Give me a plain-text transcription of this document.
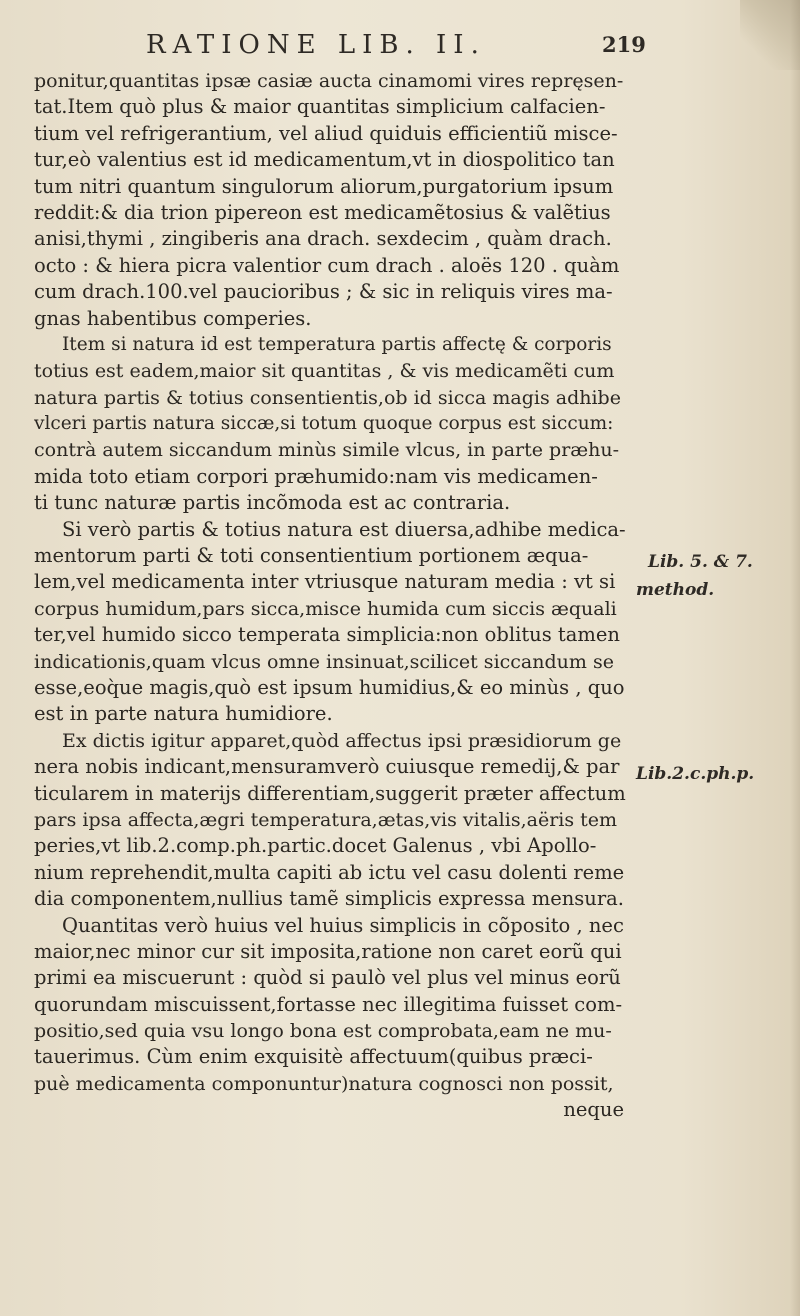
RATIONE LIB. II.	219
ponitur,quantitas ipsæ casiæ aucta cinamomi vires repręsen-
tat.Item quò plus & maior quantitas simplicium calfacien-
tium vel refrigerantium, vel aliud quiduis efficientiũ misce-
tur,eò valentius est id medicamentum,vt in diospolitico tan
tum nitri quantum singulorum aliorum,purgatorium ipsum
reddit:& dia trion pipereon est medicamẽtosius & valẽtius
anisi,thymi , zingiberis ana drach. sexdecim , quàm drach.
octo : & hiera picra valentior cum drach . aloës 120 . quàm
cum drach.100.vel paucioribus ; & sic in reliquis vires ma-
gnas habentibus comperies.
Item si natura id est temperatura partis affectę & corporis
totius est eadem,maior sit quantitas , & vis medicamẽti cum
natura partis & totius consentientis,ob id sicca magis adhibe
vlceri partis natura siccæ,si totum quoque corpus est siccum:
contrà autem siccandum minùs simile vlcus, in parte præhu-
mida toto etiam corpori præhumido:nam vis medicamen-
ti tunc naturæ partis incõmoda est ac contraria.
Si verò partis & totius natura est diuersa,adhibe medica-
mentorum parti & toti consentientium portionem æqua-
lem,vel medicamenta inter vtriusque naturam media : vt si
corpus humidum,pars sicca,misce humida cum siccis æquali
ter,vel humido sicco temperata simplicia:non oblitus tamen
indicationis,quam vlcus omne insinuat,scilicet siccandum se
esse,eoq̀ue magis,quò est ipsum humidius,& eo minùs , quo
est in parte natura humidiore.
Ex dictis igitur apparet,quòd affectus ipsi præsidiorum ge
nera nobis indicant,mensuramverò cuiusque remedij,& par
ticularem in materijs differentiam,suggerit præter affectum
pars ipsa affecta,ægri temperatura,ætas,vis vitalis,aëris tem
peries,vt lib.2.comp.ph.partic.docet Galenus , vbi Apollo-
nium reprehendit,multa capiti ab ictu vel casu dolenti reme
dia componentem,nullius tamẽ simplicis expressa mensura.
Quantitas verò huius vel huius simplicis in cõposito , nec
maior,nec minor cur sit imposita,ratione non caret eorũ qui
primi ea miscuerunt : quòd si paulò vel plus vel minus eorũ
quorundam miscuissent,fortasse nec illegitima fuisset com-
positio,sed quia vsu longo bona est comprobata,eam ne mu-
tauerimus. Cùm enim exquisitè affectuum(quibus præci-
puè medicamenta componuntur)natura cognosci non possit,
neque
Lib. 5. & 7.
method.
Lib.2.c.ph.p.
